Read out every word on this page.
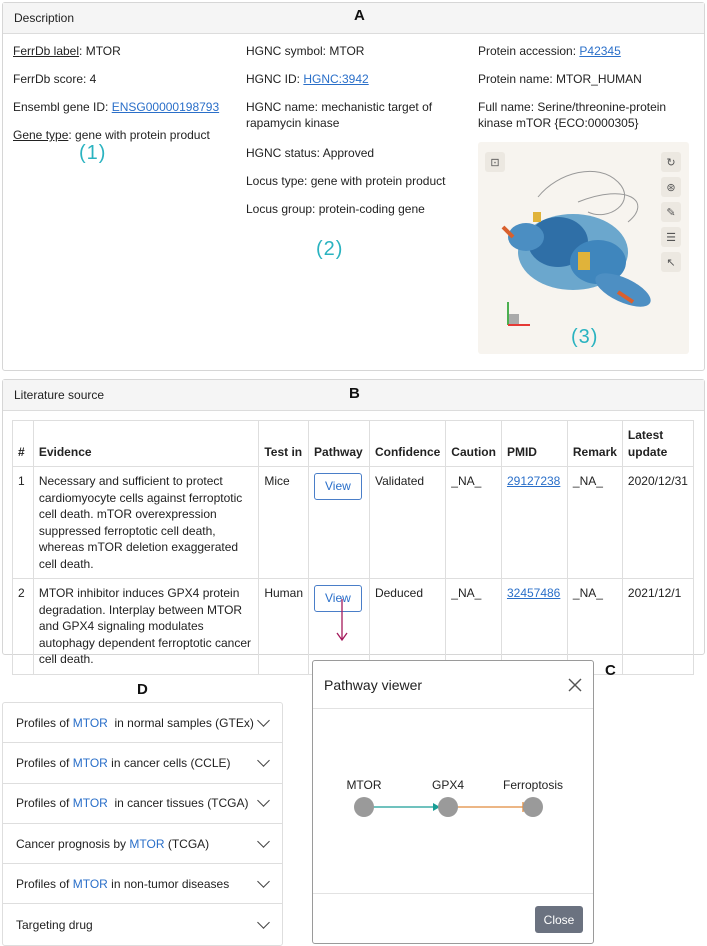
Description	A
FerrDb label: MTOR
FerrDb score: 4
Ensembl gene ID: ENSG00000198793
Gene type: gene with protein product
(1)
HGNC symbol: MTOR
HGNC ID: HGNC:3942
HGNC name: mechanistic target of rapamycin kinase
HGNC status: Approved
Locus type: gene with protein product
Locus group: protein-coding gene
(2)
Protein accession: P42345
Protein name: MTOR_HUMAN
Full name: Serine/threonine-protein kinase mTOR {ECO:0000305}
⊡	↻
⊛
✎
☰
↖
(3)
Literature source	B
#	Evidence	Test in	Pathway	Confidence	Caution	PMID	Remark	Latest update
1	Necessary and sufficient to protect cardiomyocyte cells against ferroptotic cell death. mTOR overexpression suppressed ferroptotic cell death, whereas mTOR deletion exaggerated cell death.	Mice	View	Validated	_NA_	29127238	_NA_	2020/12/31
2	MTOR inhibitor induces GPX4 protein degradation. Interplay between MTOR and GPX4 signaling modulates autophagy dependent ferroptotic cancer cell death.	Human	View	Deduced	_NA_	32457486	_NA_	2021/12/1
D
Profiles of MTOR  in normal samples (GTEx)
Profiles of MTOR in cancer cells (CCLE)
Profiles of MTOR  in cancer tissues (TCGA)
Cancer prognosis by MTOR (TCGA)
Profiles of MTOR in non-tumor diseases
Targeting drug
C
Pathway viewer
MTOR	GPX4	Ferroptosis
Close
